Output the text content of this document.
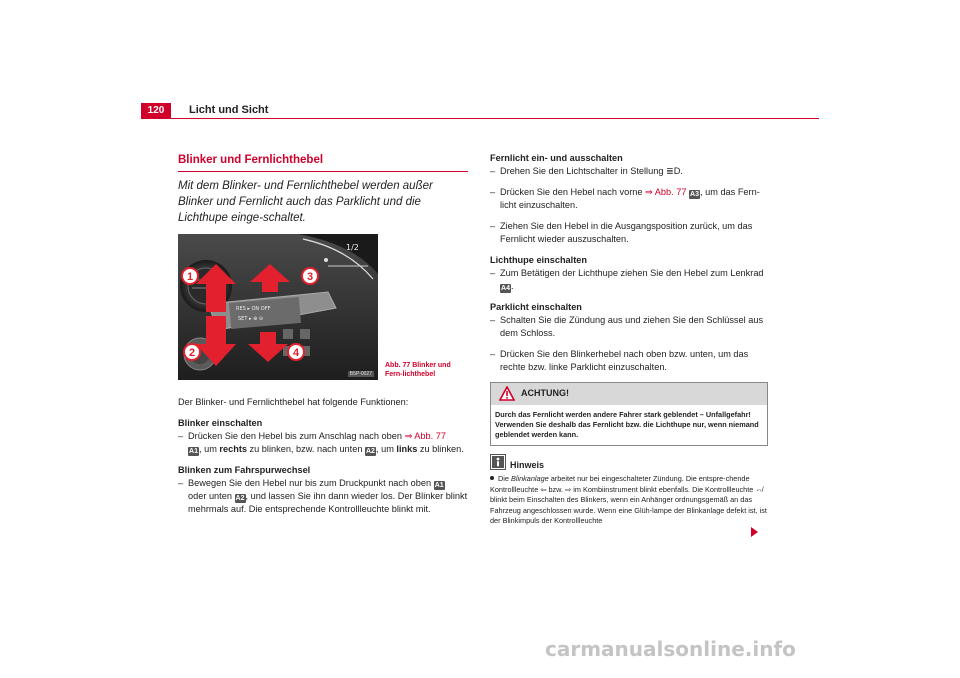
120	Licht und Sicht
Blinker und Fernlichthebel
Mit dem Blinker- und Fernlichthebel werden außer Blinker und Fernlicht auch das Parklicht und die Lichthupe einge-schaltet.
1/2
RES ▸ ON OFF
SET ▸ ⊕ ⊖
1
2
3
4
B5P-0027
Abb. 77 Blinker und Fern-lichthebel
Der Blinker- und Fernlichthebel hat folgende Funktionen:
Blinker einschalten
– Drücken Sie den Hebel bis zum Anschlag nach oben ⇒ Abb. 77
A1, um rechts zu blinken, bzw. nach unten A2, um links zu blinken.
Blinken zum Fahrspurwechsel
– Bewegen Sie den Hebel nur bis zum Druckpunkt nach oben A1
oder unten A2, und lassen Sie ihn dann wieder los. Der Blinker blinkt mehrmals auf. Die entsprechende Kontrollleuchte blinkt mit.
Fernlicht ein- und ausschalten
– Drehen Sie den Lichtschalter in Stellung ≣D.
– Drücken Sie den Hebel nach vorne ⇒ Abb. 77 A3, um das Fern-licht einzuschalten.
– Ziehen Sie den Hebel in die Ausgangsposition zurück, um das Fernlicht wieder auszuschalten.
Lichthupe einschalten
– Zum Betätigen der Lichthupe ziehen Sie den Hebel zum Lenkrad
A4.
Parklicht einschalten
– Schalten Sie die Zündung aus und ziehen Sie den Schlüssel aus dem Schloss.
– Drücken Sie den Blinkerhebel nach oben bzw. unten, um das rechte bzw. linke Parklicht einzuschalten.
ACHTUNG!
Durch das Fernlicht werden andere Fahrer stark geblendet – Unfallgefahr! Verwenden Sie deshalb das Fernlicht bzw. die Lichthupe nur, wenn niemand geblendet werden kann.
Hinweis
Die Blinkanlage arbeitet nur bei eingeschalteter Zündung. Die entspre-chende Kontrollleuchte ⇦ bzw. ⇨ im Kombiinstrument blinkt ebenfalls. Die Kontrollleuchte ⇎ blinkt beim Einschalten des Blinkers, wenn ein Anhänger ordnungsgemäß an das Fahrzeug angeschlossen wurde. Wenn eine Glüh-lampe der Blinkanlage defekt ist, ist der Blinkimpuls der Kontrollleuchte
carmanualsonline.info
